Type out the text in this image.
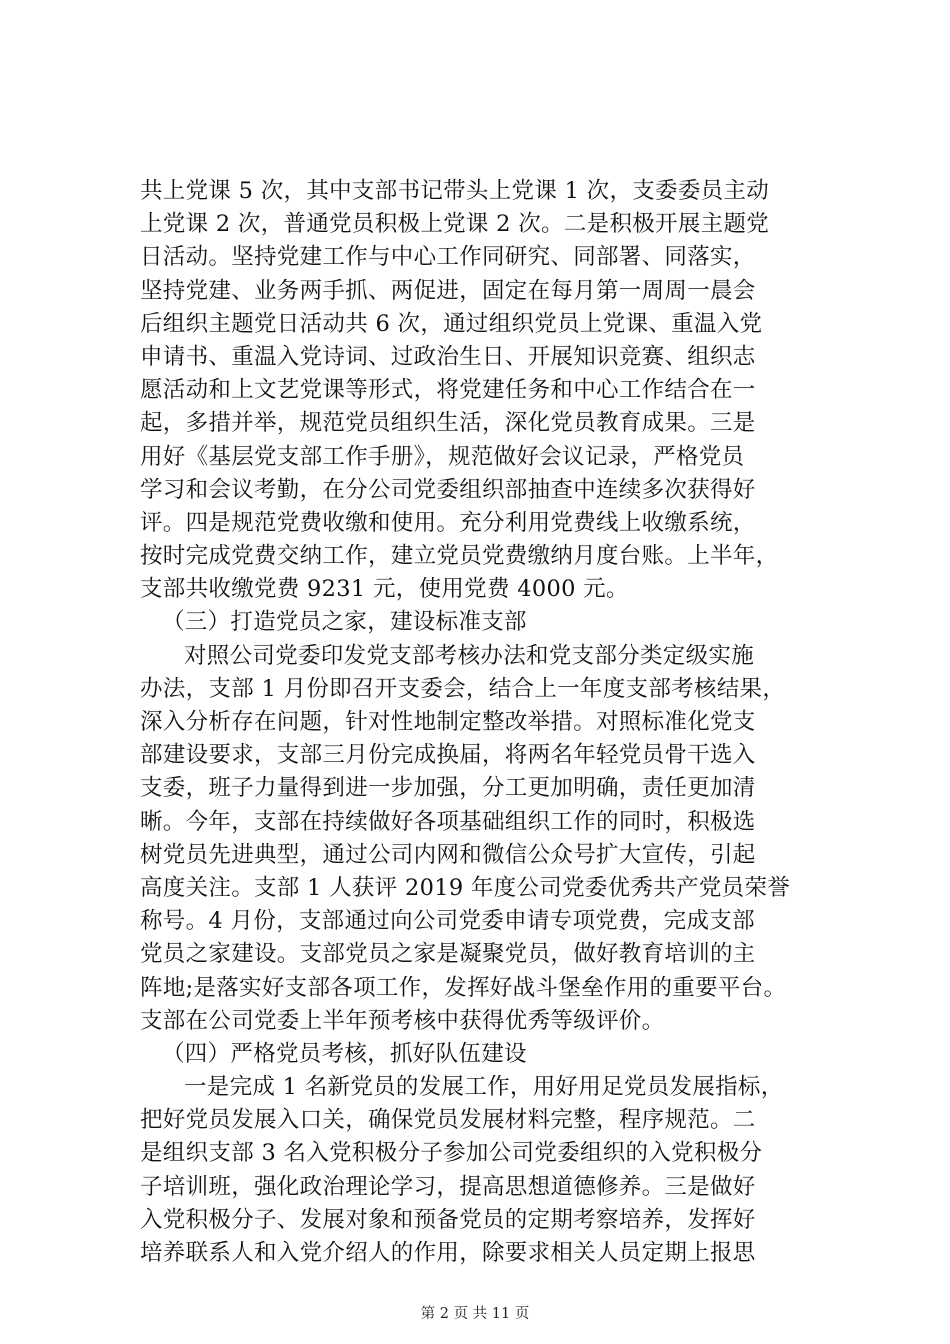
共上党课 5 次，其中支部书记带头上党课 1 次，支委委员主动
上党课 2 次，普通党员积极上党课 2 次。二是积极开展主题党
日活动。坚持党建工作与中心工作同研究、同部署、同落实，
坚持党建、业务两手抓、两促进，固定在每月第一周周一晨会
后组织主题党日活动共 6 次，通过组织党员上党课、重温入党
申请书、重温入党诗词、过政治生日、开展知识竞赛、组织志
愿活动和上文艺党课等形式，将党建任务和中心工作结合在一
起，多措并举，规范党员组织生活，深化党员教育成果。三是
用好《基层党支部工作手册》，规范做好会议记录，严格党员
学习和会议考勤，在分公司党委组织部抽查中连续多次获得好
评。四是规范党费收缴和使用。充分利用党费线上收缴系统，
按时完成党费交纳工作，建立党员党费缴纳月度台账。上半年，
支部共收缴党费 9231 元，使用党费 4000 元。
（三）打造党员之家，建设标准支部
对照公司党委印发党支部考核办法和党支部分类定级实施
办法，支部 1 月份即召开支委会，结合上一年度支部考核结果，
深入分析存在问题，针对性地制定整改举措。对照标准化党支
部建设要求，支部三月份完成换届，将两名年轻党员骨干选入
支委，班子力量得到进一步加强，分工更加明确，责任更加清
晰。今年，支部在持续做好各项基础组织工作的同时，积极选
树党员先进典型，通过公司内网和微信公众号扩大宣传，引起
高度关注。支部 1 人获评 2019 年度公司党委优秀共产党员荣誉
称号。4 月份，支部通过向公司党委申请专项党费，完成支部
党员之家建设。支部党员之家是凝聚党员，做好教育培训的主
阵地;是落实好支部各项工作，发挥好战斗堡垒作用的重要平台。
支部在公司党委上半年预考核中获得优秀等级评价。
（四）严格党员考核，抓好队伍建设
一是完成 1 名新党员的发展工作，用好用足党员发展指标，
把好党员发展入口关，确保党员发展材料完整，程序规范。二
是组织支部 3 名入党积极分子参加公司党委组织的入党积极分
子培训班，强化政治理论学习，提高思想道德修养。三是做好
入党积极分子、发展对象和预备党员的定期考察培养，发挥好
培养联系人和入党介绍人的作用，除要求相关人员定期上报思
第 2 页 共 11 页
